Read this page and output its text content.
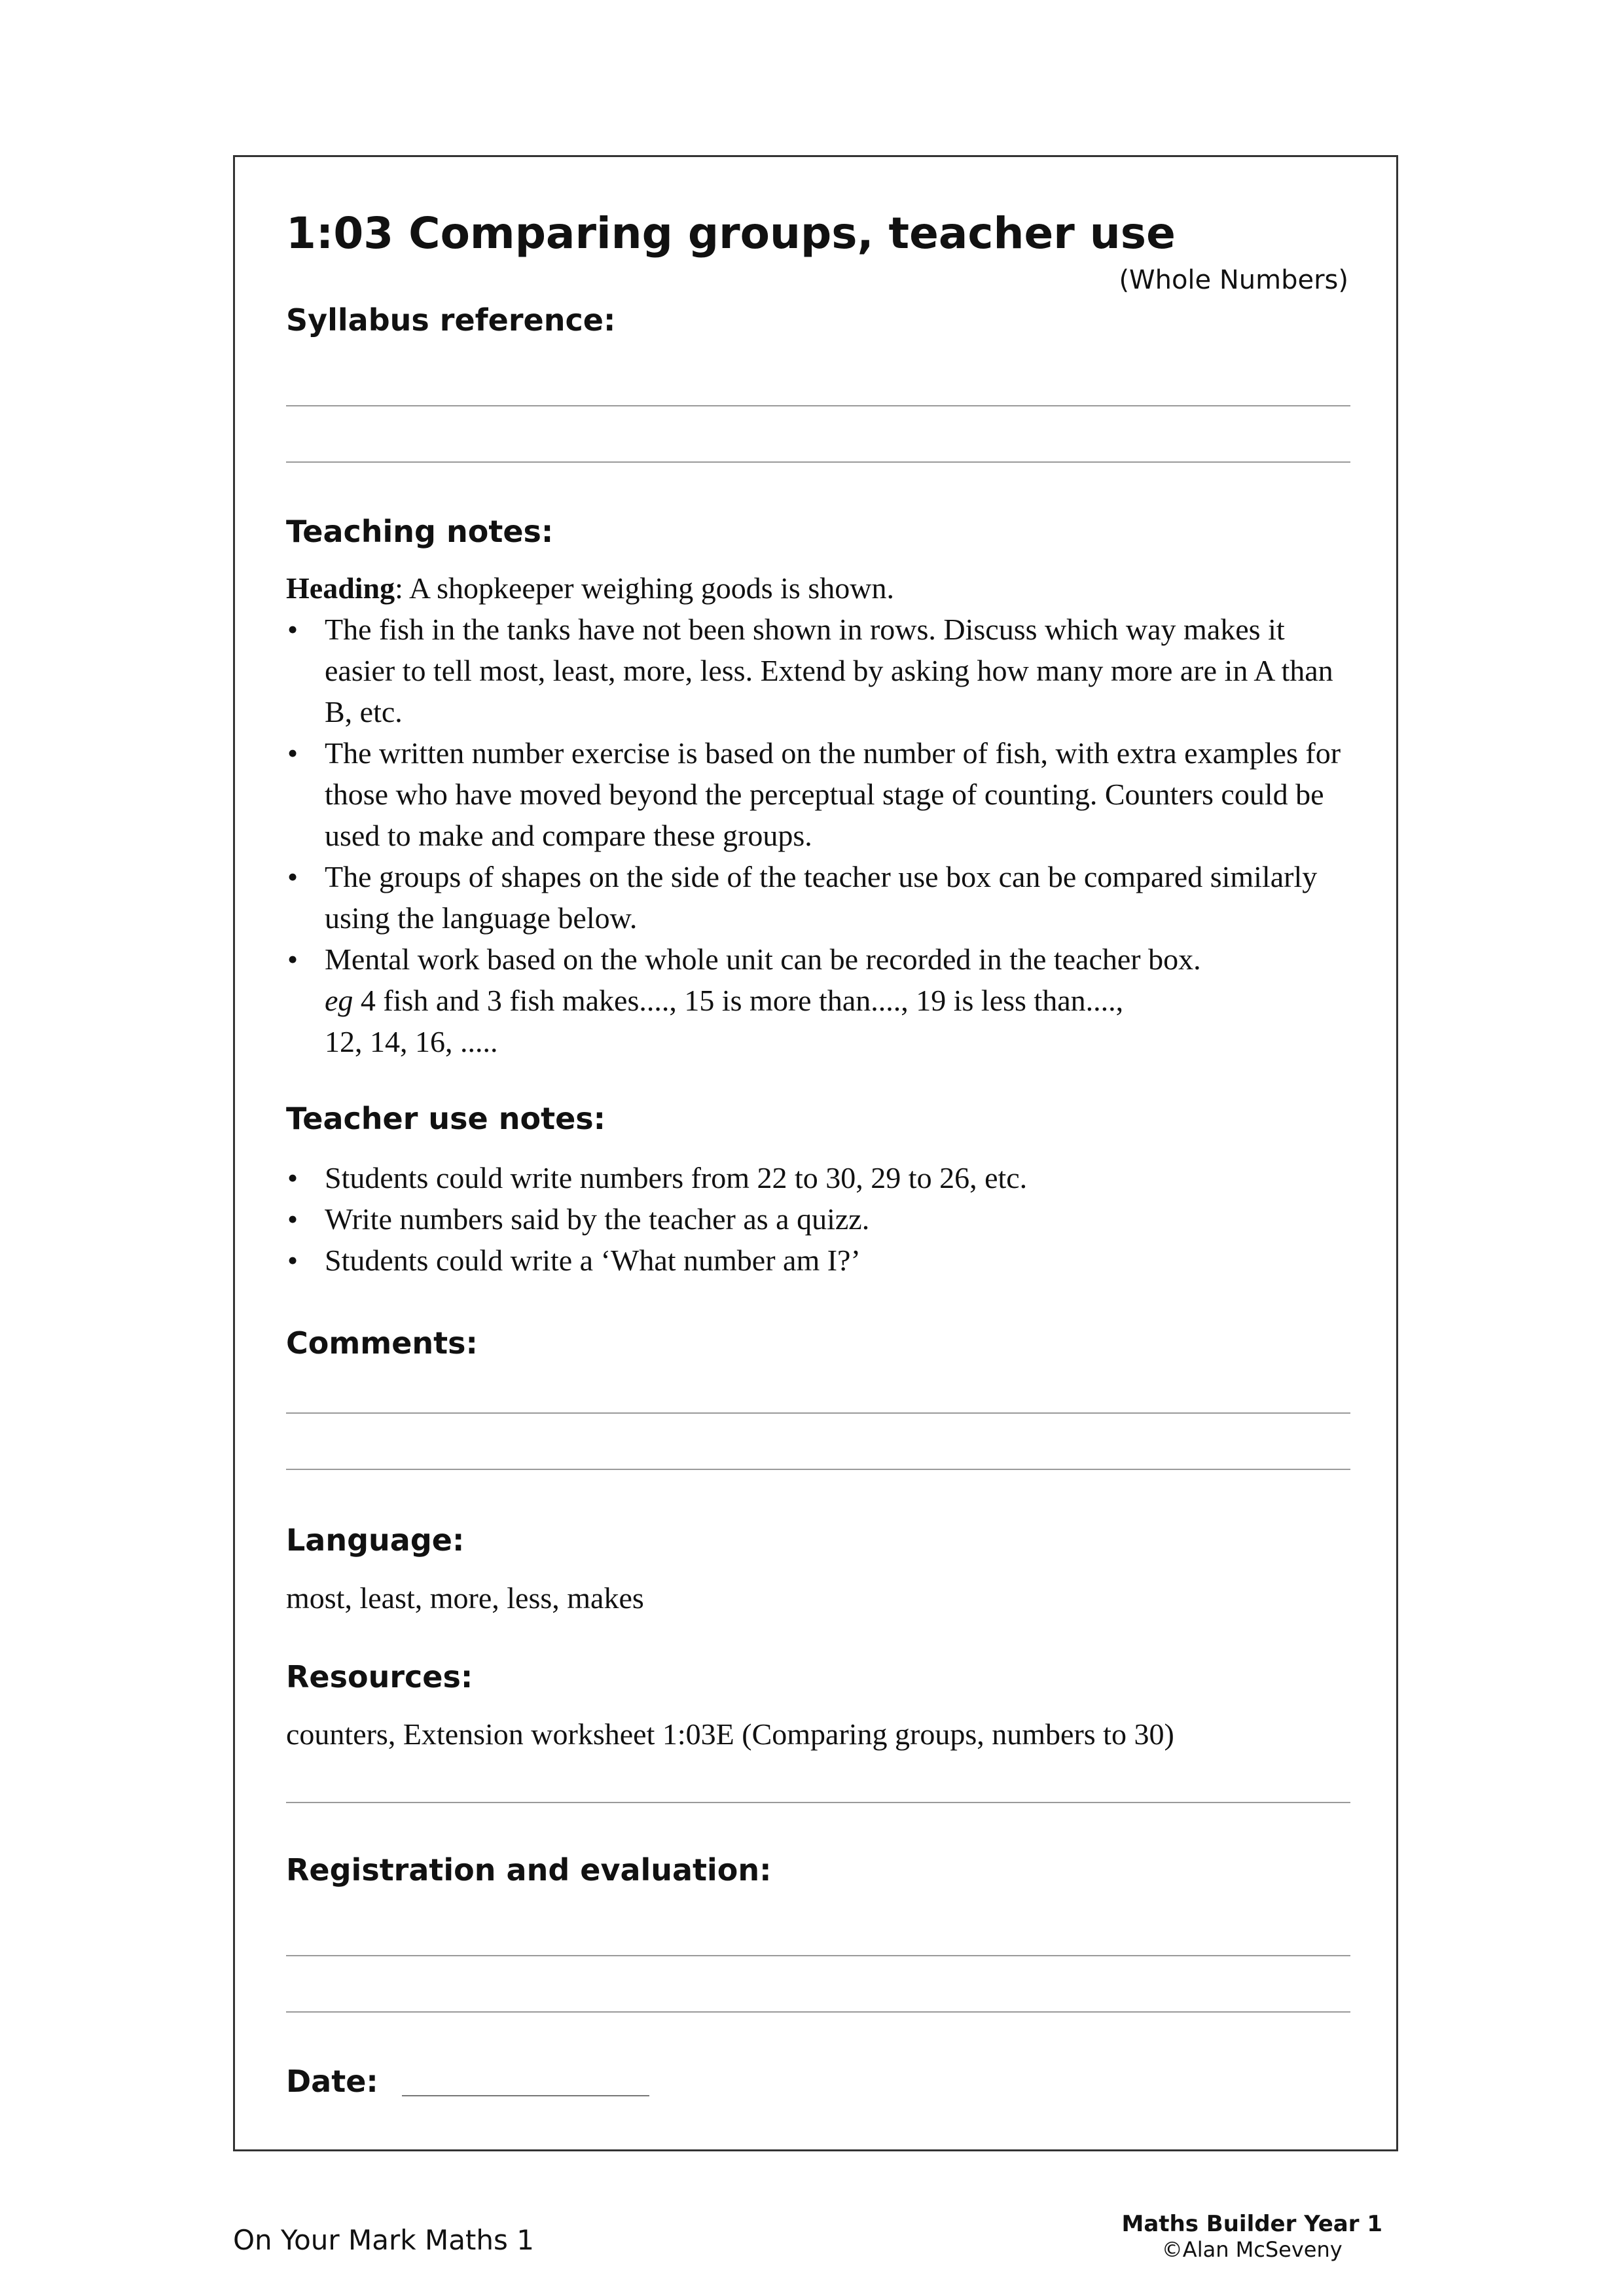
1:03 Comparing groups, teacher use
(Whole Numbers)
Syllabus reference:
Teaching notes:
Heading: A shopkeeper weighing goods is shown.
• The fish in the tanks have not been shown in rows. Discuss which way makes it easier to tell most, least, more, less. Extend by asking how many more are in A than B, etc.
• The written number exercise is based on the number of fish, with extra examples for those who have moved beyond the perceptual stage of counting. Counters could be used to make and compare these groups.
• The groups of shapes on the side of the teacher use box can be compared similarly using the language below.
• Mental work based on the whole unit can be recorded in the teacher box.
eg 4 fish and 3 fish makes...., 15 is more than...., 19 is less than....,
12, 14, 16, .....
Teacher use notes:
• Students could write numbers from 22 to 30, 29 to 26, etc.
• Write numbers said by the teacher as a quizz.
• Students could write a ‘What number am I?’
Comments:
Language:
most, least, more, less, makes
Resources:
counters, Extension worksheet 1:03E (Comparing groups, numbers to 30)
Registration and evaluation:
Date:
On Your Mark Maths 1	Maths Builder Year 1
©Alan McSeveny
